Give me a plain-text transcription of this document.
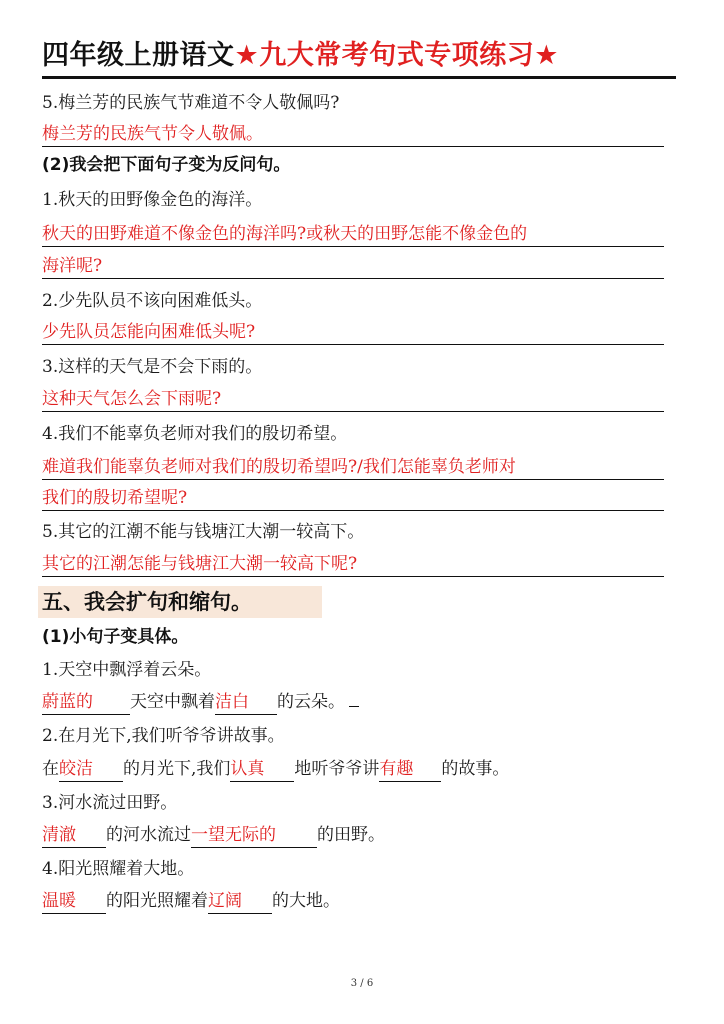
四年级上册语文★九大常考句式专项练习★
5.梅兰芳的民族气节难道不令人敬佩吗?
梅兰芳的民族气节令人敬佩。
(2)我会把下面句子变为反问句。
1.秋天的田野像金色的海洋。
秋天的田野难道不像金色的海洋吗?或秋天的田野怎能不像金色的
海洋呢?
2.少先队员不该向困难低头。
少先队员怎能向困难低头呢?
3.这样的天气是不会下雨的。
这种天气怎么会下雨呢?
4.我们不能辜负老师对我们的殷切希望。
难道我们能辜负老师对我们的殷切希望吗?/我们怎能辜负老师对
我们的殷切希望呢?
5.其它的江潮不能与钱塘江大潮一较高下。
其它的江潮怎能与钱塘江大潮一较高下呢?
五、我会扩句和缩句。
(1)小句子变具体。
1.天空中飘浮着云朵。
蔚蓝的 天空中飘着洁白 的云朵。
2.在月光下,我们听爷爷讲故事。
在皎洁 的月光下,我们认真 地听爷爷讲有趣 的故事。
3.河水流过田野。
清澈 的河水流过一望无际的 的田野。
4.阳光照耀着大地。
温暖 的阳光照耀着辽阔 的大地。
3 / 6
